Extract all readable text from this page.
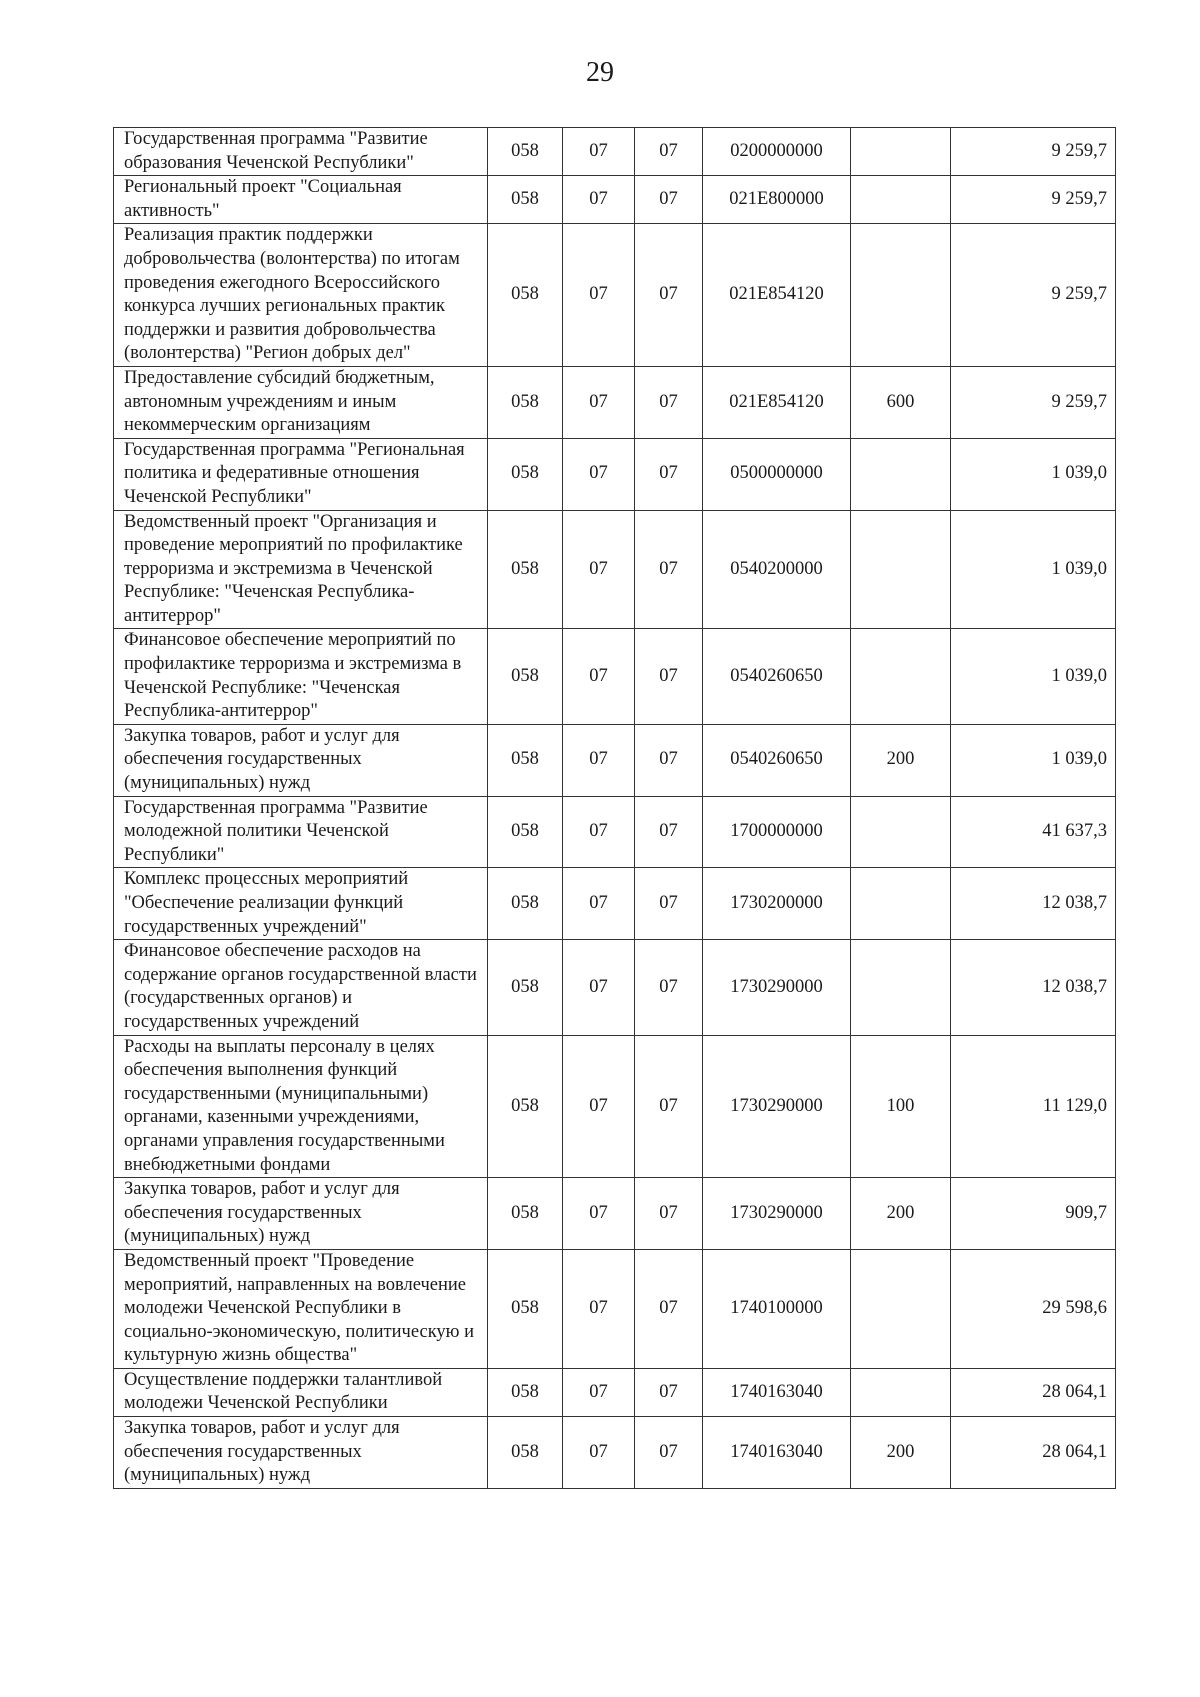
29
Государственная программа "Развитие образования Чеченской Республики"	058	07	07	0200000000		9 259,7
Региональный проект "Социальная активность"	058	07	07	021E800000		9 259,7
Реализация практик поддержки добровольчества (волонтерства) по итогам проведения ежегодного Всероссийского конкурса лучших региональных практик поддержки и развития добровольчества (волонтерства) "Регион добрых дел"	058	07	07	021E854120		9 259,7
Предоставление субсидий бюджетным, автономным учреждениям и иным некоммерческим организациям	058	07	07	021E854120	600	9 259,7
Государственная программа "Региональная политика и федеративные отношения Чеченской Республики"	058	07	07	0500000000		1 039,0
Ведомственный проект "Организация и проведение мероприятий по профилактике терроризма и экстремизма в Чеченской Республике: "Чеченская Республика-антитеррор"	058	07	07	0540200000		1 039,0
Финансовое обеспечение мероприятий по профилактике терроризма и экстремизма в Чеченской Республике: "Чеченская Республика-антитеррор"	058	07	07	0540260650		1 039,0
Закупка товаров, работ и услуг для обеспечения государственных (муниципальных) нужд	058	07	07	0540260650	200	1 039,0
Государственная программа "Развитие молодежной политики Чеченской Республики"	058	07	07	1700000000		41 637,3
Комплекс процессных мероприятий "Обеспечение реализации функций государственных учреждений"	058	07	07	1730200000		12 038,7
Финансовое обеспечение расходов на содержание органов государственной власти (государственных органов) и государственных учреждений	058	07	07	1730290000		12 038,7
Расходы на выплаты персоналу в целях обеспечения выполнения функций государственными (муниципальными) органами, казенными учреждениями, органами управления государственными внебюджетными фондами	058	07	07	1730290000	100	11 129,0
Закупка товаров, работ и услуг для обеспечения государственных (муниципальных) нужд	058	07	07	1730290000	200	909,7
Ведомственный проект "Проведение мероприятий, направленных на вовлечение молодежи Чеченской Республики в социально-экономическую, политическую и культурную жизнь общества"	058	07	07	1740100000		29 598,6
Осуществление поддержки талантливой молодежи Чеченской Республики	058	07	07	1740163040		28 064,1
Закупка товаров, работ и услуг для обеспечения государственных (муниципальных) нужд	058	07	07	1740163040	200	28 064,1
